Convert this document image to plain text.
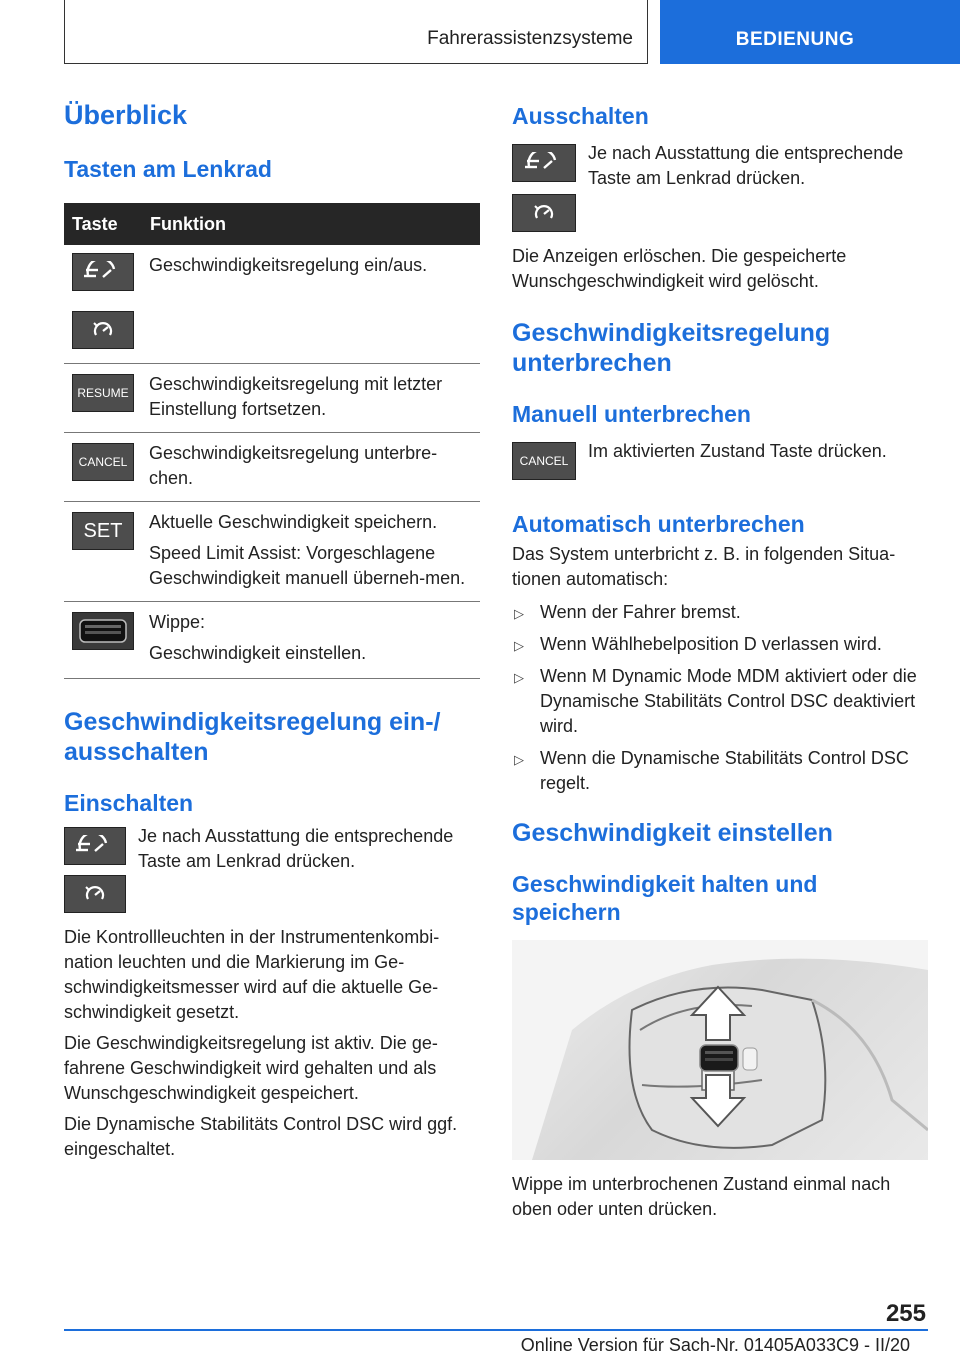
Fahrerassistenzsysteme	BEDIENUNG
Überblick
Tasten am Lenkrad
Taste	Funktion

Geschwindigkeitsregelung ein/aus.

RESUME	Geschwindigkeitsregelung mit letzter Einstellung fortsetzen.

CANCEL	Geschwindigkeitsregelung unterbre‐chen.

SET	Aktuelle Geschwindigkeit speichern.

Speed Limit Assist: Vorgeschlagene Geschwindigkeit manuell überneh‐men.

Wippe:

Geschwindigkeit einstellen.

Geschwindigkeitsregelung ein-/ ausschalten
Einschalten

Je nach Ausstattung die entsprechende Taste am Lenkrad drücken.

Die Kontrollleuchten in der Instrumentenkombi‐nation leuchten und die Markierung im Ge‐schwindigkeitsmesser wird auf die aktuelle Ge‐schwindigkeit gesetzt.

Die Geschwindigkeitsregelung ist aktiv. Die ge‐fahrene Geschwindigkeit wird gehalten und als Wunschgeschwindigkeit gespeichert.

Die Dynamische Stabilitäts Control DSC wird ggf. eingeschaltet.

Ausschalten

Je nach Ausstattung die entsprechende Taste am Lenkrad drücken.

Die Anzeigen erlöschen. Die gespeicherte Wunschgeschwindigkeit wird gelöscht.

Geschwindigkeitsregelung unterbrechen
Manuell unterbrechen
CANCEL Im aktivierten Zustand Taste drücken.

Automatisch unterbrechen

Das System unterbricht z. B. in folgenden Situa‐tionen automatisch:

▷ Wenn der Fahrer bremst.
▷ Wenn Wählhebelposition D verlassen wird.
▷ Wenn M Dynamic Mode MDM aktiviert oder die Dynamische Stabilitäts Control DSC deaktiviert wird.
▷ Wenn die Dynamische Stabilitäts Control DSC regelt.
Geschwindigkeit einstellen
Geschwindigkeit halten und speichern

Wippe im unterbrochenen Zustand einmal nach oben oder unten drücken.

255
Online Version für Sach-Nr. 01405A033C9 - II/20
